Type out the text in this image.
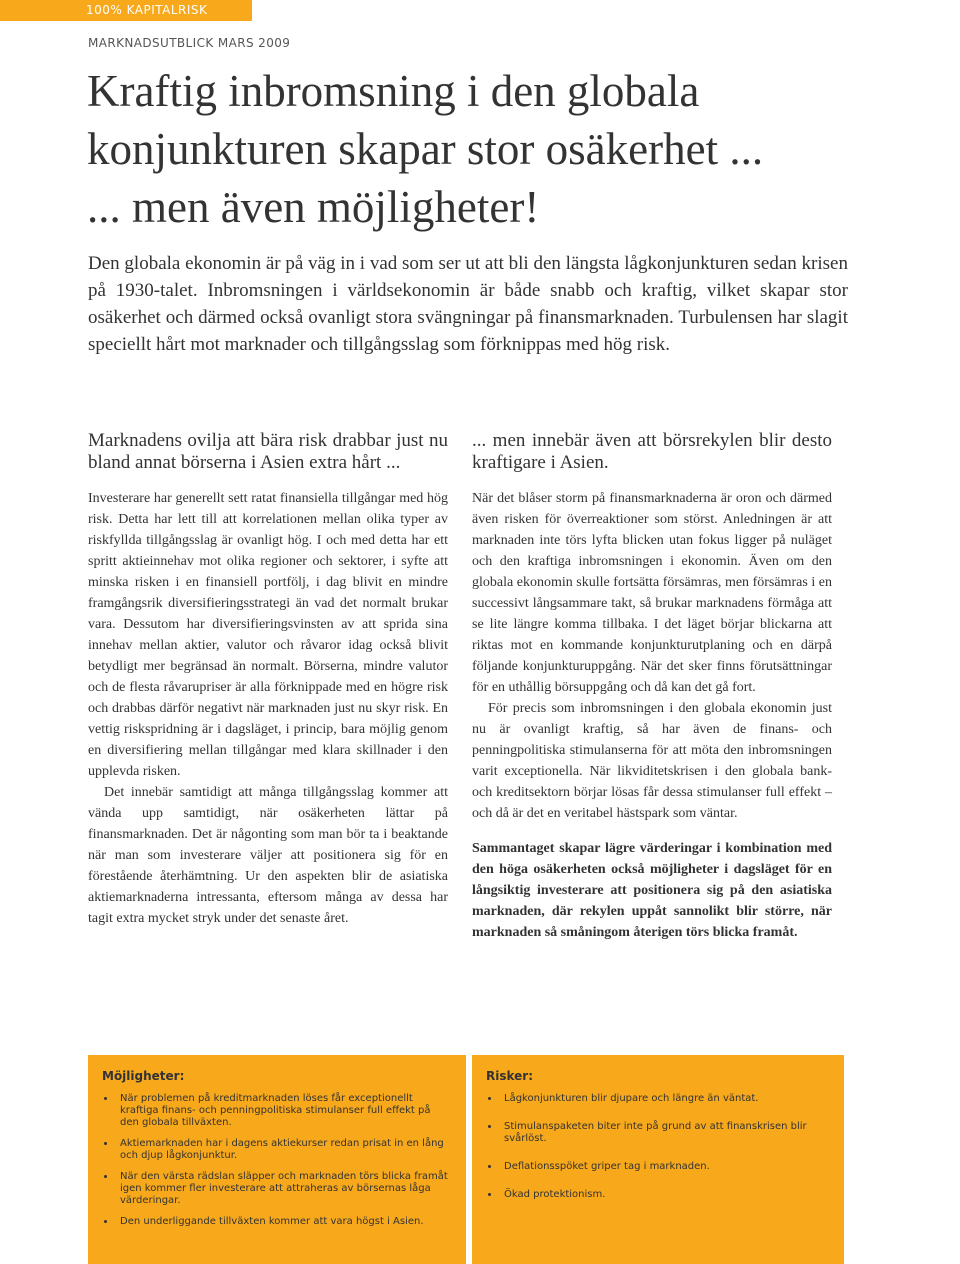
100% KAPITALRISK
MARKNADSUTBLICK MARS 2009
Kraftig inbromsning i den globala
konjunkturen skapar stor osäkerhet ...
... men även möjligheter!

Den globala ekonomin är på väg in i vad som ser ut att bli den längsta lågkonjunkturen sedan krisen på 1930-talet. Inbromsningen i världsekonomin är både snabb och kraftig, vilket skapar stor osäkerhet och därmed också ovanligt stora svängningar på finansmarknaden. Turbulensen har slagit speciellt hårt mot marknader och tillgångsslag som förknippas med hög risk.

Marknadens ovilja att bära risk drabbar just nu bland annat börserna i Asien extra hårt ...

Investerare har generellt sett ratat finansiella tillgångar med hög risk. Detta har lett till att korrelationen mellan olika typer av riskfyllda tillgångsslag är ovanligt hög. I och med detta har ett spritt aktieinnehav mot olika regioner och sektorer, i syfte att minska risken i en finansiell portfölj, i dag blivit en mindre framgångsrik diversifieringsstrategi än vad det normalt brukar vara. Dessutom har diversifieringsvinsten av att sprida sina innehav mellan aktier, valutor och råvaror idag också blivit betydligt mer begränsad än normalt. Börserna, mindre valutor och de flesta råvarupriser är alla förknippade med en högre risk och drabbas därför negativt när marknaden just nu skyr risk. En vettig riskspridning är i dagsläget, i princip, bara möjlig genom en diversifiering mellan tillgångar med klara skillnader i den upplevda risken.

Det innebär samtidigt att många tillgångsslag kommer att vända upp samtidigt, när osäkerheten lättar på finansmarknaden. Det är någonting som man bör ta i beaktande när man som investerare väljer att positionera sig för en förestående återhämtning. Ur den aspekten blir de asiatiska aktiemarknaderna intressanta, eftersom många av dessa har tagit extra mycket stryk under det senaste året.

... men innebär även att börsrekylen blir desto kraftigare i Asien.

När det blåser storm på finansmarknaderna är oron och därmed även risken för överreaktioner som störst. Anledningen är att marknaden inte törs lyfta blicken utan fokus ligger på nuläget och den kraftiga inbromsningen i ekonomin. Även om den globala ekonomin skulle fortsätta försämras, men försämras i en successivt långsammare takt, så brukar marknadens förmåga att se lite längre komma tillbaka. I det läget börjar blickarna att riktas mot en kommande konjunkturutplaning och en därpå följande konjunkturuppgång. När det sker finns förutsättningar för en uthållig börsuppgång och då kan det gå fort.

För precis som inbromsningen i den globala ekonomin just nu är ovanligt kraftig, så har även de finans- och penningpolitiska stimulanserna för att möta den inbromsningen varit exceptionella. När likviditetskrisen i den globala bank- och kreditsektorn börjar lösas får dessa stimulanser full effekt – och då är det en veritabel hästspark som väntar.

Sammantaget skapar lägre värderingar i kombination med den höga osäkerheten också möjligheter i dagsläget för en långsiktig investerare att positionera sig på den asiatiska marknaden, där rekylen uppåt sannolikt blir större, när marknaden så småningom återigen törs blicka framåt.

Möjligheter:
• När problemen på kreditmarknaden löses får exceptionellt kraftiga finans- och penningpolitiska stimulanser full effekt på den globala tillväxten.
• Aktiemarknaden har i dagens aktiekurser redan prisat in en lång och djup lågkonjunktur.
• När den värsta rädslan släpper och marknaden törs blicka framåt igen kommer fler investerare att attraheras av börsernas låga värderingar.
• Den underliggande tillväxten kommer att vara högst i Asien.
Risker:
• Lågkonjunkturen blir djupare och längre än väntat.
• Stimulanspaketen biter inte på grund av att finanskrisen blir svårlöst.
• Deflationsspöket griper tag i marknaden.
• Ökad protektionism.
